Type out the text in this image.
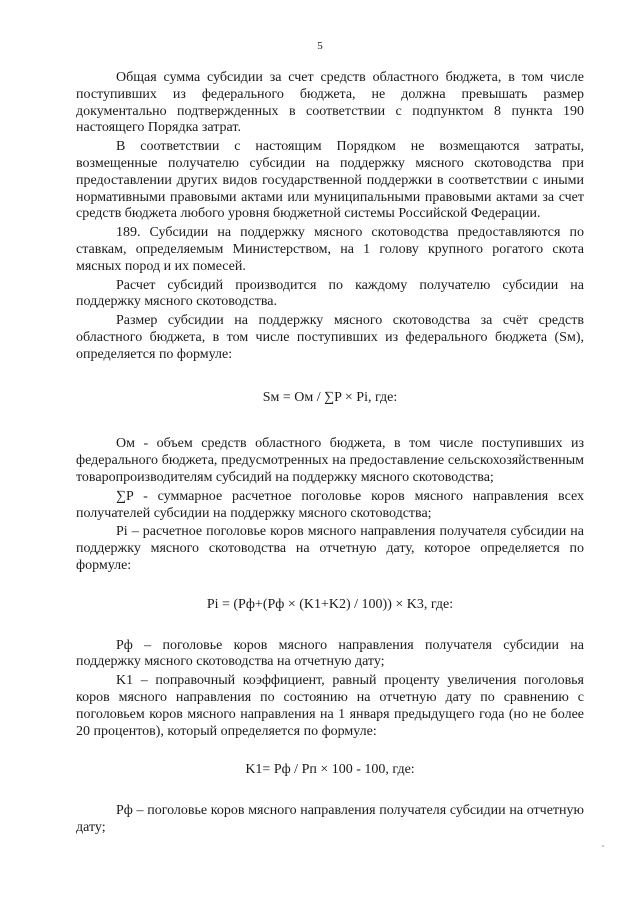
5

Общая сумма субсидии за счет средств областного бюджета, в том числе поступивших из федерального бюджета, не должна превышать размер документально подтвержденных в соответствии с подпунктом 8 пункта 190 настоящего Порядка затрат.

В соответствии с настоящим Порядком не возмещаются затраты, возмещенные получателю субсидии на поддержку мясного скотоводства при предоставлении других видов государственной поддержки в соответствии с иными нормативными правовыми актами или муниципальными правовыми актами за счет средств бюджета любого уровня бюджетной системы Российской Федерации.

189. Субсидии на поддержку мясного скотоводства предоставляются по ставкам, определяемым Министерством, на 1 голову крупного рогатого скота мясных пород и их помесей.

Расчет субсидий производится по каждому получателю субсидии на поддержку мясного скотоводства.

Размер субсидии на поддержку мясного скотоводства за счёт средств областного бюджета, в том числе поступивших из федерального бюджета (Sм), определяется по формуле:

Sм = Oм / ∑P × Pi, где:

Oм - объем средств областного бюджета, в том числе поступивших из федерального бюджета, предусмотренных на предоставление сельскохозяйственным товаропроизводителям субсидий на поддержку мясного скотоводства;

∑P - суммарное расчетное поголовье коров мясного направления всех получателей субсидии на поддержку мясного скотоводства;

Pi – расчетное поголовье коров мясного направления получателя субсидии на поддержку мясного скотоводства на отчетную дату, которое определяется по формуле:

Pi = (Pф+(Pф × (K1+K2) / 100)) × K3, где:

Pф – поголовье коров мясного направления получателя субсидии на поддержку мясного скотоводства на отчетную дату;

K1 – поправочный коэффициент, равный проценту увеличения поголовья коров мясного направления по состоянию на отчетную дату по сравнению с поголовьем коров мясного направления на 1 января предыдущего года (но не более 20 процентов), который определяется по формуле:

K1= Pф / Pп × 100 - 100, где:

Pф – поголовье коров мясного направления получателя субсидии на отчетную дату;
